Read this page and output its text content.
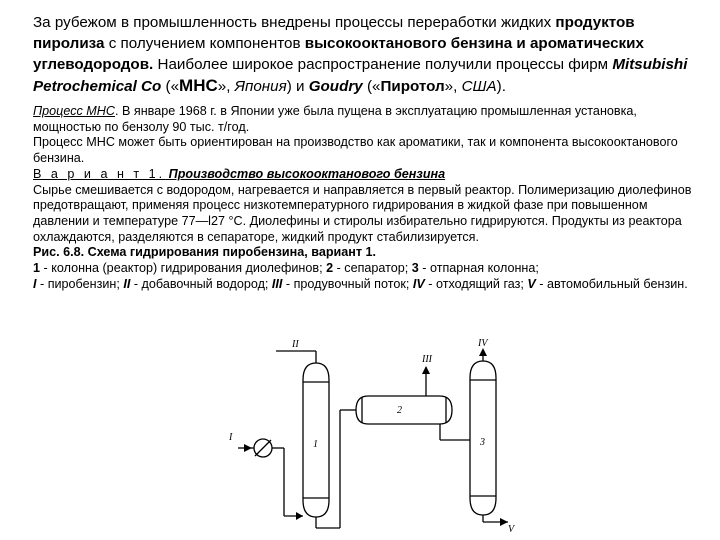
За рубежом в промышленность внедрены процессы переработки жидких продуктов пиролиза с получением компонентов высокооктанового бензина и ароматических углеводородов. Наиболее широкое распространение получили процессы фирм Mitsubishi Petrochemical Co («МНС», Япония) и Goudry («Пиротол», США).
Процесс МНС. В январе 1968 г. в Японии уже была пущена в эксплуатацию промышленная установка, мощностью по бензолу 90 тыс. т/год.
Процесс МНС может быть ориентирован на производство как ароматики, так и компонента высокооктанового бензина.
В а р и а н т 1. Производство высокооктанового бензина
Сырье смешивается с водородом, нагревается и направляется в первый реактор. Полимеризацию диолефинов предотвращают, применяя процесс низкотемпературного гидрирования в жидкой фазе при повышенном давлении и температуре 77—l27 °С. Диолефины и стиролы избирательно гидрируются. Продукты из реактора охлаждаются, разделяются в сепараторе, жидкий продукт стабилизируется.
Рис. 6.8. Схема гидрирования пиробензина, вариант 1.
1 - колонна (реактор) гидрирования диолефинов; 2 - сепаратор; 3 - отпарная колонна;
I - пиробензин; II - добавочный водород; III - продувочный поток; IV - отходящий газ; V - автомобильный бензин.
1
2
3
I
II
III
IV
V
